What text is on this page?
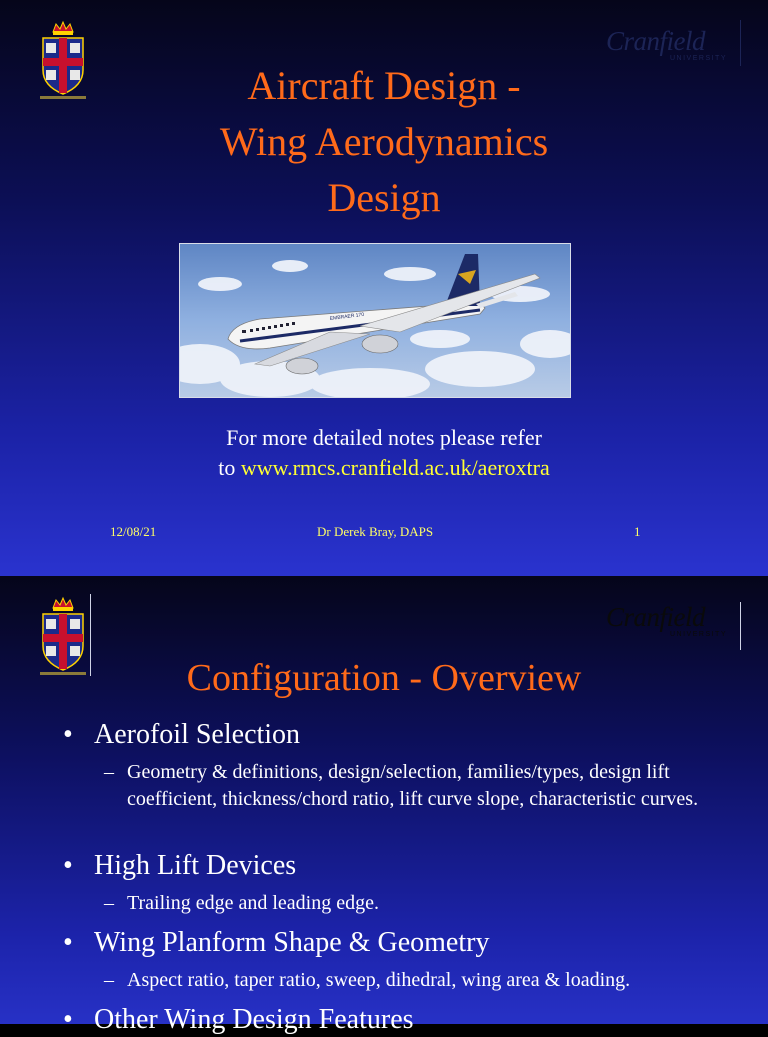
Cranfield
UNIVERSITY
Aircraft Design -
Wing Aerodynamics
Design
EMBRAER 170
For more detailed notes please refer
to www.rmcs.cranfield.ac.uk/aeroxtra
12/08/21	Dr Derek Bray, DAPS	1
Cranfield
UNIVERSITY
Configuration - Overview
• Aerofoil Selection
– Geometry & definitions, design/selection, families/types, design lift coefficient, thickness/chord ratio, lift curve slope, characteristic curves.
• High Lift Devices
– Trailing edge and leading edge.
• Wing Planform Shape & Geometry
– Aspect ratio, taper ratio, sweep, dihedral, wing area & loading.
• Other Wing Design Features
